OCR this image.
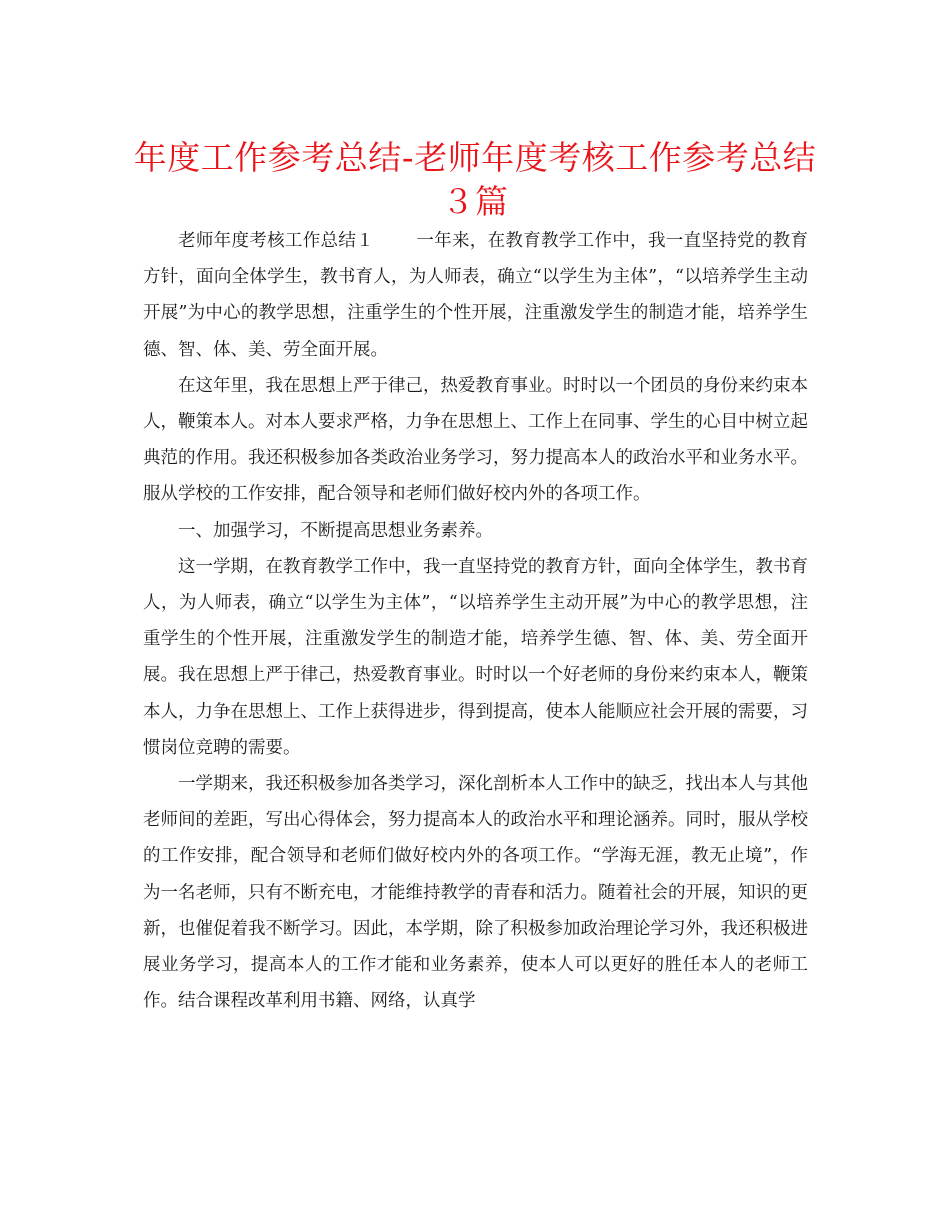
年度工作参考总结-老师年度考核工作参考总结３篇

老师年度考核工作总结１ 一年来，在教育教学工作中，我一直坚持党的教育方针，面向全体学生，教书育人，为人师表，确立“以学生为主体”，“以培养学生主动开展”为中心的教学思想，注重学生的个性开展，注重激发学生的制造才能，培养学生德、智、体、美、劳全面开展。

在这年里，我在思想上严于律己，热爱教育事业。时时以一个团员的身份来约束本人，鞭策本人。对本人要求严格，力争在思想上、工作上在同事、学生的心目中树立起典范的作用。我还积极参加各类政治业务学习，努力提高本人的政治水平和业务水平。服从学校的工作安排，配合领导和老师们做好校内外的各项工作。

一、加强学习，不断提高思想业务素养。

这一学期，在教育教学工作中，我一直坚持党的教育方针，面向全体学生，教书育人，为人师表，确立“以学生为主体”，“以培养学生主动开展”为中心的教学思想，注重学生的个性开展，注重激发学生的制造才能，培养学生德、智、体、美、劳全面开展。我在思想上严于律己，热爱教育事业。时时以一个好老师的身份来约束本人，鞭策本人，力争在思想上、工作上获得进步，得到提高，使本人能顺应社会开展的需要，习惯岗位竞聘的需要。

一学期来，我还积极参加各类学习，深化剖析本人工作中的缺乏，找出本人与其他老师间的差距，写出心得体会，努力提高本人的政治水平和理论涵养。同时，服从学校的工作安排，配合领导和老师们做好校内外的各项工作。“学海无涯，教无止境”，作为一名老师，只有不断充电，才能维持教学的青春和活力。随着社会的开展，知识的更新，也催促着我不断学习。因此，本学期，除了积极参加政治理论学习外，我还积极进展业务学习，提高本人的工作才能和业务素养，使本人可以更好的胜任本人的老师工作。结合课程改革利用书籍、网络，认真学
